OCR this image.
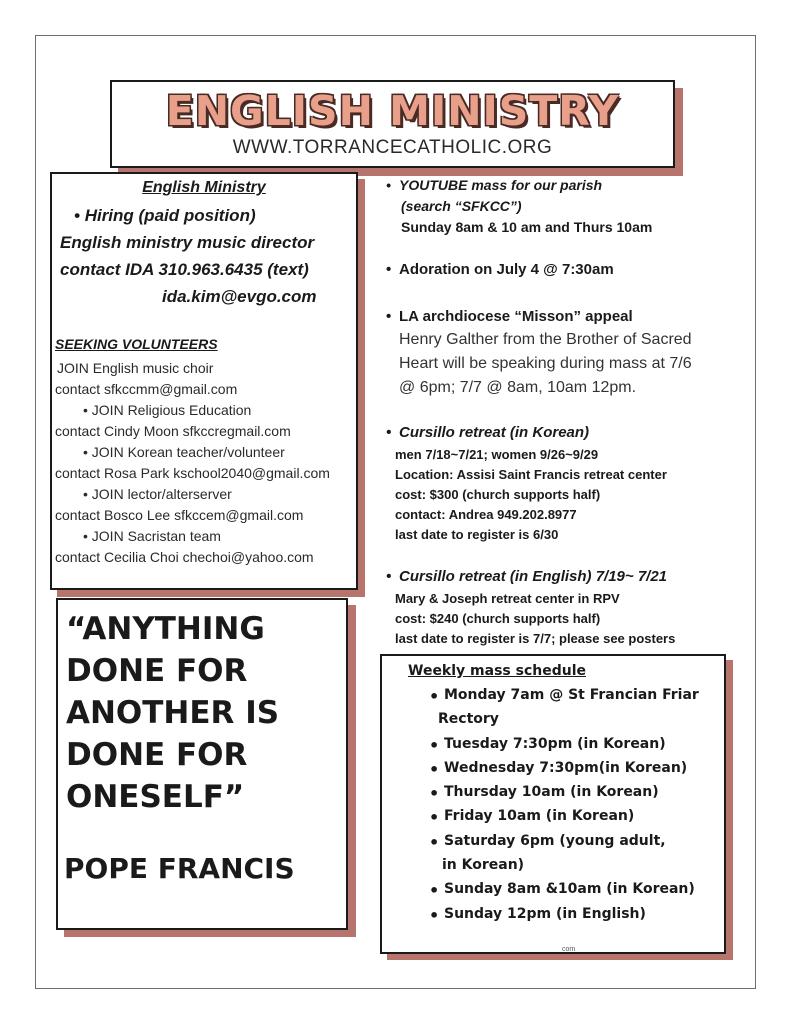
ENGLISH MINISTRY
WWW.TORRANCECATHOLIC.ORG
English Ministry
• Hiring (paid position)
English ministry music director
contact IDA 310.963.6435 (text)
ida.kim@evgo.com
SEEKING VOLUNTEERS
JOIN English music choir
contact sfkccmm@gmail.com
• JOIN Religious Education
contact Cindy Moon sfkccregmail.com
• JOIN Korean teacher/volunteer
contact Rosa Park kschool2040@gmail.com
• JOIN lector/alterserver
contact Bosco Lee sfkccem@gmail.com
• JOIN Sacristan team
contact Cecilia Choi chechoi@yahoo.com
“ANYTHING
DONE FOR
ANOTHER IS
DONE FOR
ONESELF”
POPE FRANCIS
• YOUTUBE mass for our parish
(search “SFKCC”)
Sunday 8am & 10 am and Thurs 10am
• Adoration on July 4 @ 7:30am
• LA archdiocese “Misson” appeal
Henry Galther from the Brother of Sacred
Heart will be speaking during mass at 7/6
@ 6pm; 7/7 @ 8am, 10am 12pm.
• Cursillo retreat (in Korean)
men 7/18~7/21; women 9/26~9/29
Location: Assisi Saint Francis retreat center
cost: $300 (church supports half)
contact: Andrea 949.202.8977
last date to register is 6/30
• Cursillo retreat (in English) 7/19~ 7/21
Mary & Joseph retreat center in RPV
cost: $240 (church supports half)
last date to register is 7/7; please see posters
Weekly mass schedule
• Monday 7am @ St Francian Friar
Rectory
• Tuesday 7:30pm (in Korean)
• Wednesday 7:30pm(in Korean)
• Thursday 10am (in Korean)
• Friday 10am (in Korean)
• Saturday 6pm (young adult,
in Korean)
• Sunday 8am &10am (in Korean)
• Sunday 12pm (in English)
com
